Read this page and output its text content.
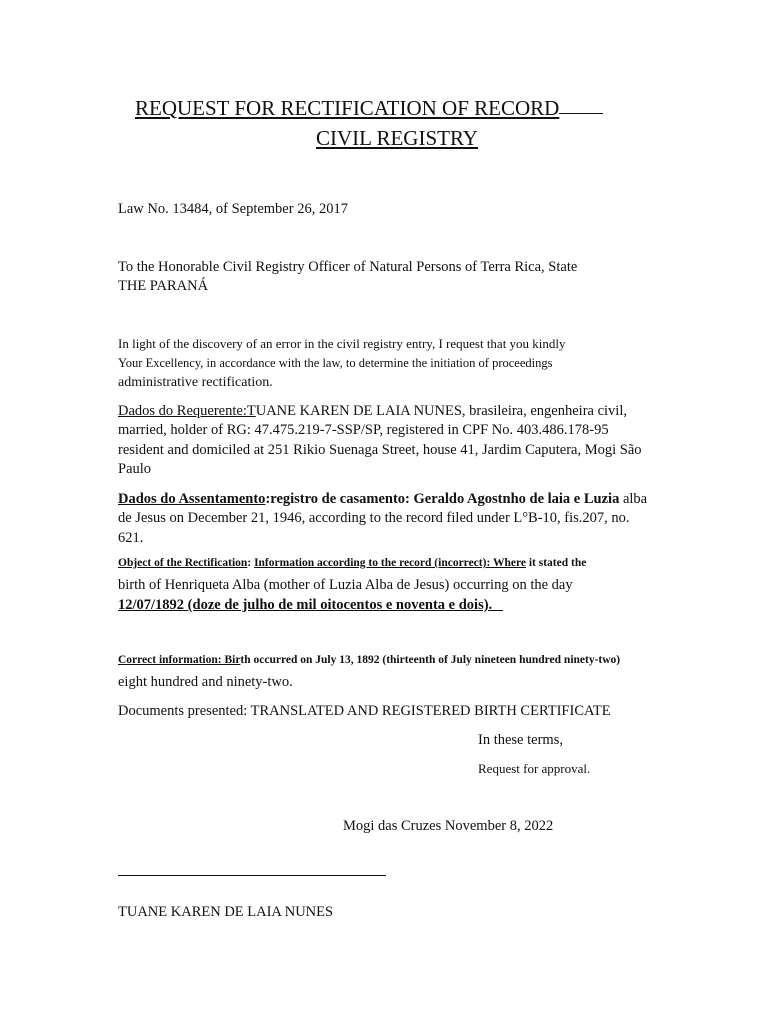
REQUEST FOR RECTIFICATION OF RECORD
CIVIL REGISTRY
Law No. 13484, of September 26, 2017
To the Honorable Civil Registry Officer of Natural Persons of Terra Rica, State
THE PARANÁ
In light of the discovery of an error in the civil registry entry, I request that you kindly
Your Excellency, in accordance with the law, to determine the initiation of proceedings
administrative rectification.
Dados do Requerente:TUANE KAREN DE LAIA NUNES, brasileira, engenheira civil, married, holder of RG: 47.475.219-7-SSP/SP, registered in CPF No. 403.486.178-95 resident and domiciled at 251 Rikio Suenaga Street, house 41, Jardim Caputera, Mogi São Paulo
Dados do Assentamento:registro de casamento: Geraldo Agostnho de laia e Luzia alba de Jesus on December 21, 1946, according to the record filed under L°B-10, fis.207, no. 621.
Object of the Rectification: Information according to the record (incorrect): Where it stated the
birth of Henriqueta Alba (mother of Luzia Alba de Jesus) occurring on the day
12/07/1892 (doze de julho de mil oitocentos e noventa e dois).
Correct information: Birth occurred on July 13, 1892 (thirteenth of July nineteen hundred ninety-two)
eight hundred and ninety-two.
Documents presented: TRANSLATED AND REGISTERED BIRTH CERTIFICATE
In these terms,
Request for approval.
Mogi das Cruzes November 8, 2022
TUANE KAREN DE LAIA NUNES
